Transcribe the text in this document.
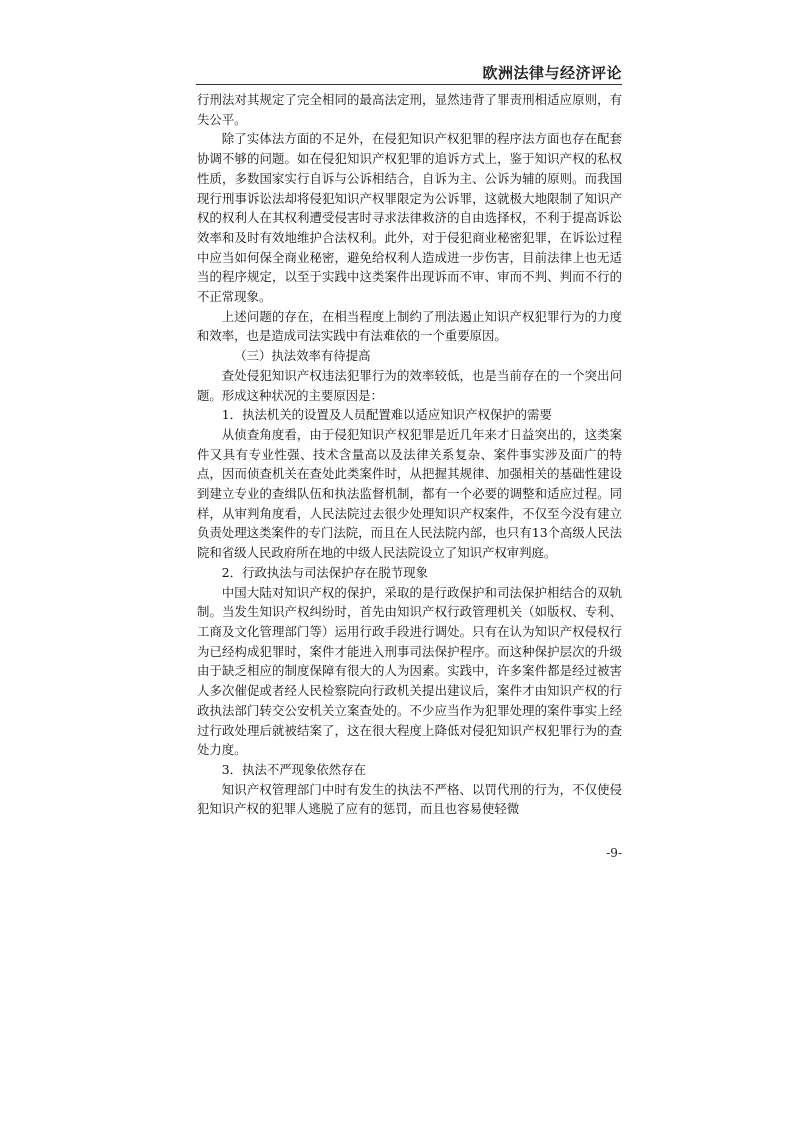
欧洲法律与经济评论

行刑法对其规定了完全相同的最高法定刑，显然违背了罪责刑相适应原则，有失公平。

除了实体法方面的不足外，在侵犯知识产权犯罪的程序法方面也存在配套协调不够的问题。如在侵犯知识产权犯罪的追诉方式上，鉴于知识产权的私权性质，多数国家实行自诉与公诉相结合，自诉为主、公诉为辅的原则。而我国现行刑事诉讼法却将侵犯知识产权罪限定为公诉罪，这就极大地限制了知识产权的权利人在其权利遭受侵害时寻求法律救济的自由选择权，不利于提高诉讼效率和及时有效地维护合法权利。此外，对于侵犯商业秘密犯罪，在诉讼过程中应当如何保全商业秘密，避免给权利人造成进一步伤害，目前法律上也无适当的程序规定，以至于实践中这类案件出现诉而不审、审而不判、判而不行的不正常现象。

上述问题的存在，在相当程度上制约了刑法遏止知识产权犯罪行为的力度和效率，也是造成司法实践中有法难依的一个重要原因。

（三）执法效率有待提高

查处侵犯知识产权违法犯罪行为的效率较低，也是当前存在的一个突出问题。形成这种状况的主要原因是：

1．执法机关的设置及人员配置难以适应知识产权保护的需要

从侦查角度看，由于侵犯知识产权犯罪是近几年来才日益突出的，这类案件又具有专业性强、技术含量高以及法律关系复杂、案件事实涉及面广的特点，因而侦查机关在查处此类案件时，从把握其规律、加强相关的基础性建设到建立专业的查缉队伍和执法监督机制，都有一个必要的调整和适应过程。同样，从审判角度看，人民法院过去很少处理知识产权案件，不仅至今没有建立负责处理这类案件的专门法院，而且在人民法院内部，也只有13个高级人民法院和省级人民政府所在地的中级人民法院设立了知识产权审判庭。

2．行政执法与司法保护存在脱节现象

中国大陆对知识产权的保护，采取的是行政保护和司法保护相结合的双轨制。当发生知识产权纠纷时，首先由知识产权行政管理机关（如版权、专利、工商及文化管理部门等）运用行政手段进行调处。只有在认为知识产权侵权行为已经构成犯罪时，案件才能进入刑事司法保护程序。而这种保护层次的升级由于缺乏相应的制度保障有很大的人为因素。实践中，许多案件都是经过被害人多次催促或者经人民检察院向行政机关提出建议后，案件才由知识产权的行政执法部门转交公安机关立案查处的。不少应当作为犯罪处理的案件事实上经过行政处理后就被结案了，这在很大程度上降低对侵犯知识产权犯罪行为的查处力度。

3．执法不严现象依然存在

知识产权管理部门中时有发生的执法不严格、以罚代刑的行为，不仅使侵犯知识产权的犯罪人逃脱了应有的惩罚，而且也容易使轻微

-9-
